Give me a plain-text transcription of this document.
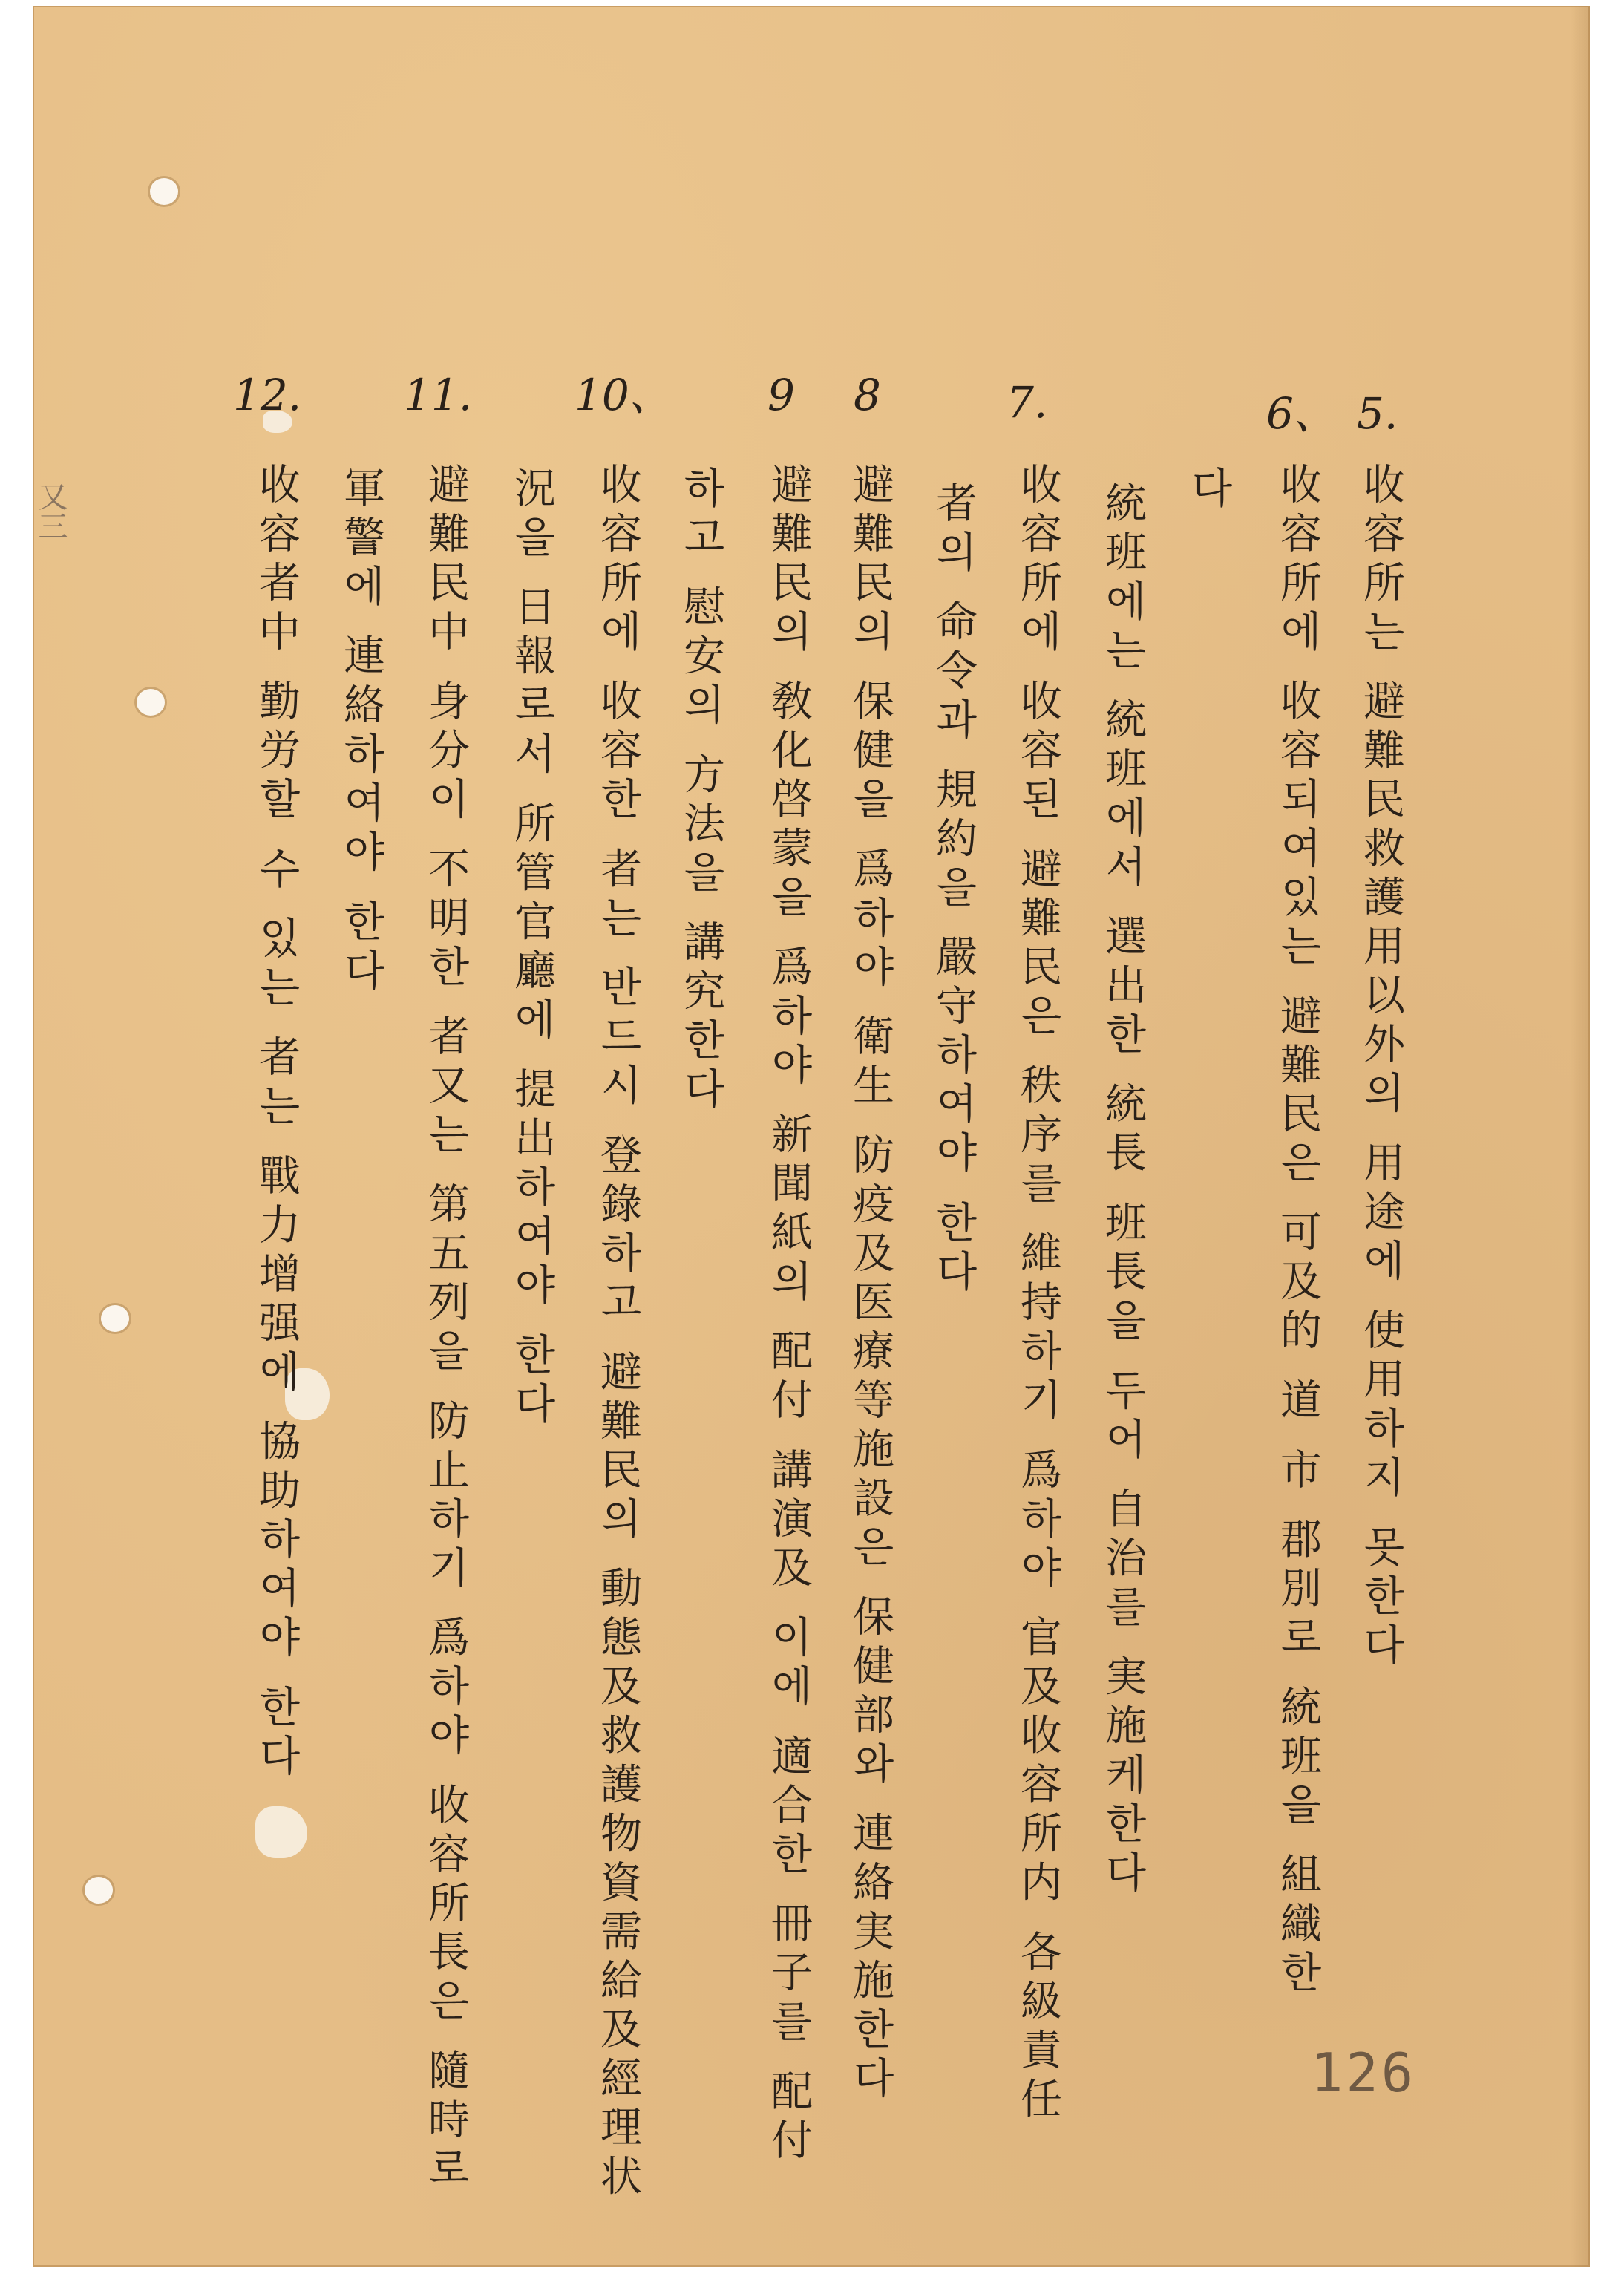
又三
5.
收容所는 避難民救護用以外의 用途에 使用하지 못한다
6、
收容所에 收容되여있는 避難民은 可及的 道 市 郡別로 統班을 組織한
다
統班에는 統班에서 選出한 統長 班長을 두어 自治를 実施케한다
7.
收容所에 收容된 避難民은 秩序를 維持하기 爲하야 官及收容所内 各級責任
者의 命令과 規約을 嚴守하여야 한다
8
避難民의 保健을 爲하야 衛生 防疫及医療等施設은 保健部와 連絡実施한다
9
避難民의 敎化啓蒙을 爲하야 新聞紙의 配付 講演及 이에 適合한 冊子를 配付
하고 慰安의 方法을 講究한다
10、
收容所에 收容한 者는 반드시 登錄하고 避難民의 動態及救護物資需給及經理状
況을 日報로서 所管官廳에 提出하여야 한다
11.
避難民中 身分이 不明한 者又는 第五列을 防止하기 爲하야 收容所長은 隨時로
軍警에 連絡하여야 한다
12.
收容者中 勤労할 수 있는 者는 戰力增强에 協助하여야 한다
126
